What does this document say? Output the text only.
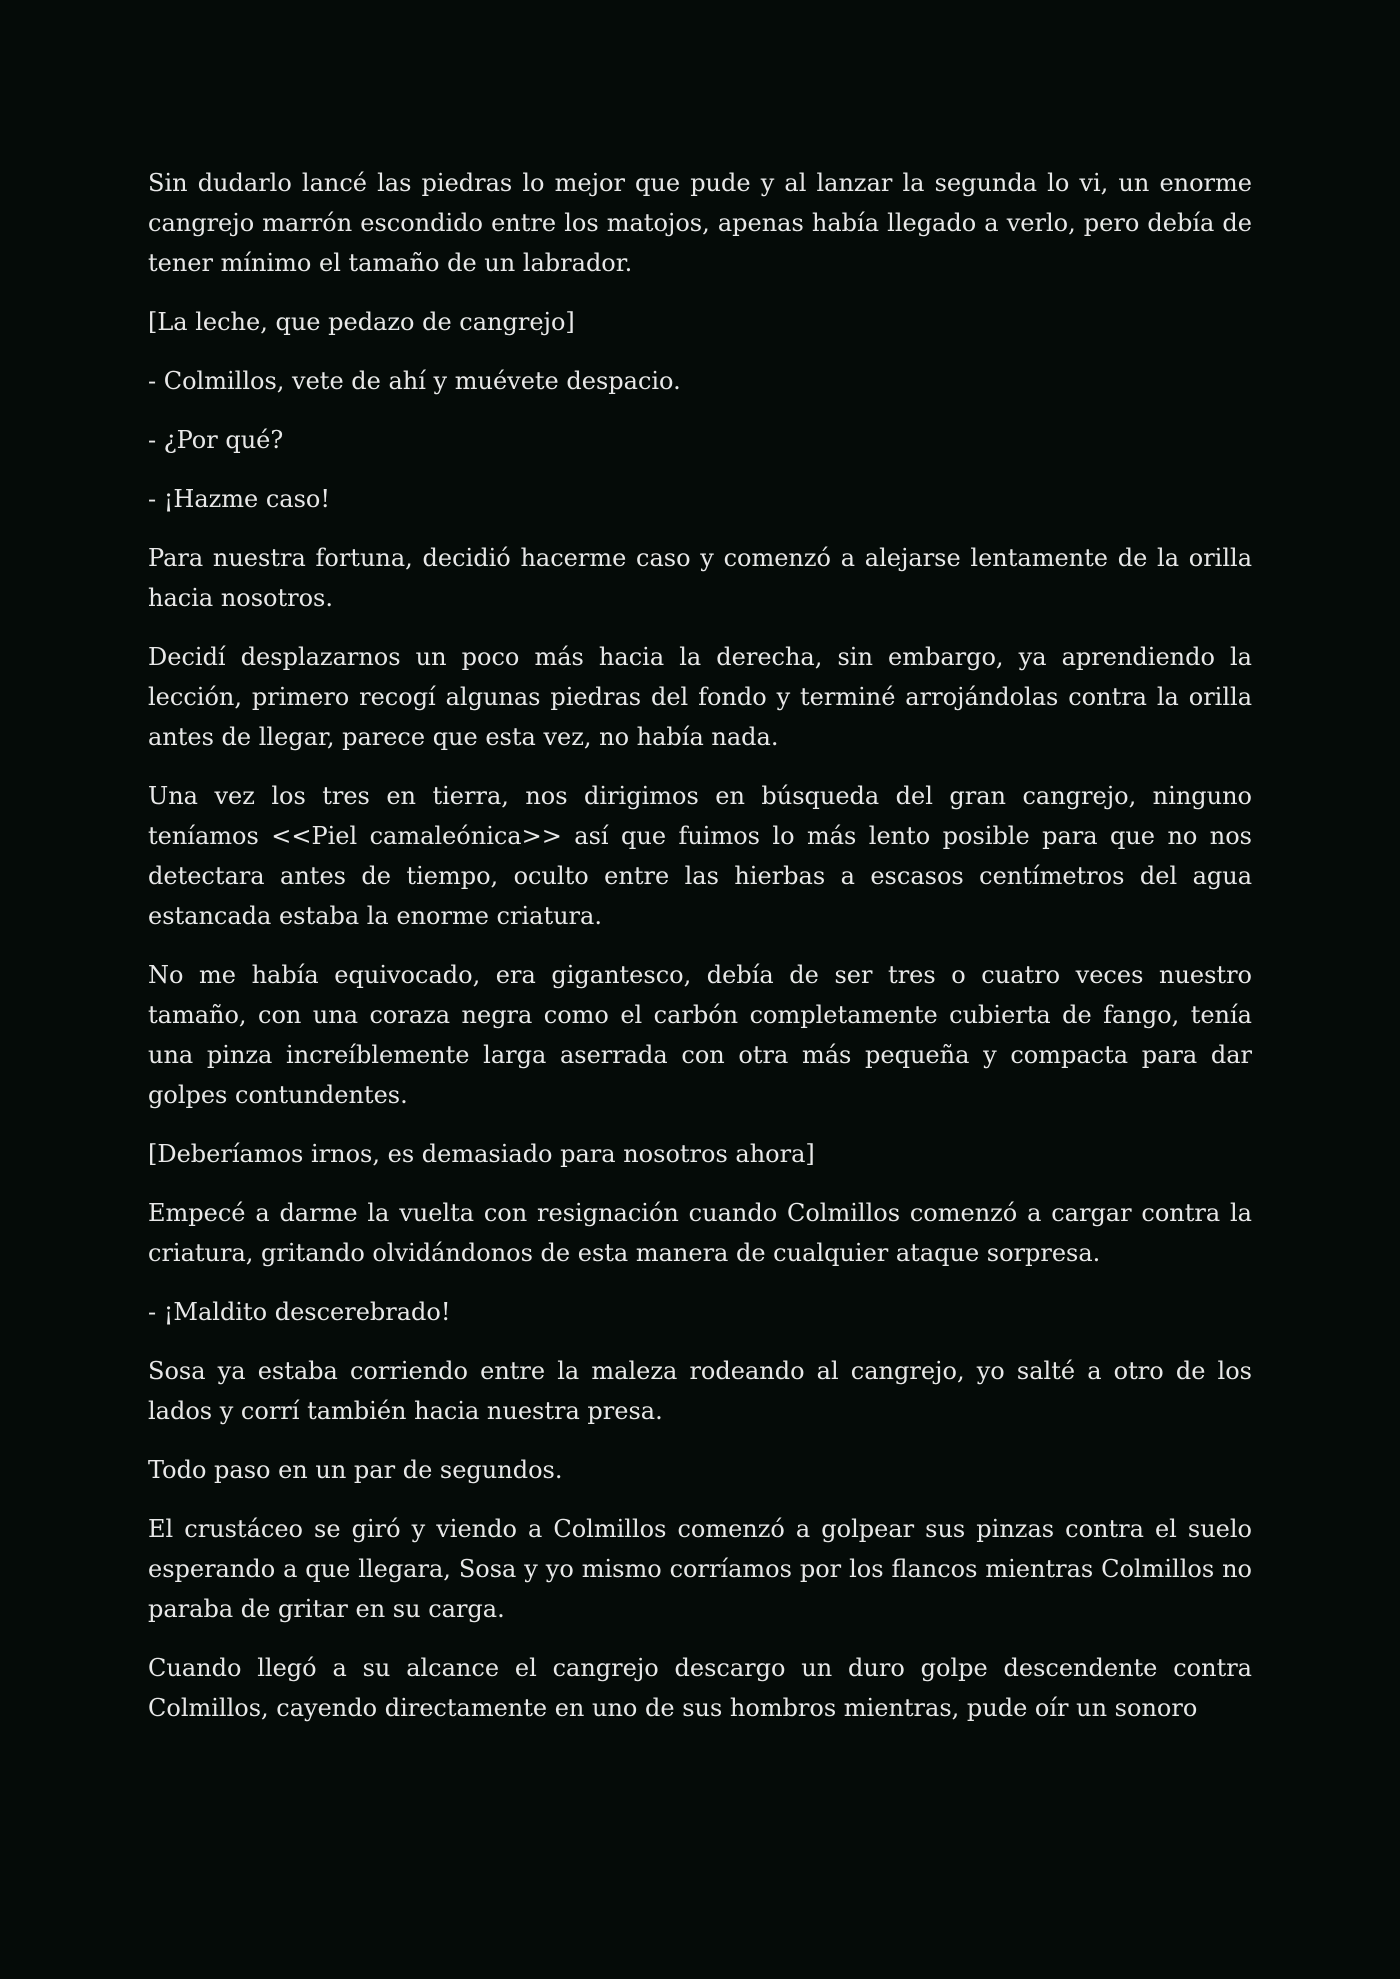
Sin dudarlo lancé las piedras lo mejor que pude y al lanzar la segunda lo vi, un enorme cangrejo marrón escondido entre los matojos, apenas había llegado a verlo, pero debía de tener mínimo el tamaño de un labrador.

[La leche, que pedazo de cangrejo]

- Colmillos, vete de ahí y muévete despacio.

- ¿Por qué?

- ¡Hazme caso!

Para nuestra fortuna, decidió hacerme caso y comenzó a alejarse lentamente de la orilla hacia nosotros.

Decidí desplazarnos un poco más hacia la derecha, sin embargo, ya aprendiendo la lección, primero recogí algunas piedras del fondo y terminé arrojándolas contra la orilla antes de llegar, parece que esta vez, no había nada.

Una vez los tres en tierra, nos dirigimos en búsqueda del gran cangrejo, ninguno teníamos <<Piel camaleónica>> así que fuimos lo más lento posible para que no nos detectara antes de tiempo, oculto entre las hierbas a escasos centímetros del agua estancada estaba la enorme criatura.

No me había equivocado, era gigantesco, debía de ser tres o cuatro veces nuestro tamaño, con una coraza negra como el carbón completamente cubierta de fango, tenía una pinza increíblemente larga aserrada con otra más pequeña y compacta para dar golpes contundentes.

[Deberíamos irnos, es demasiado para nosotros ahora]

Empecé a darme la vuelta con resignación cuando Colmillos comenzó a cargar contra la criatura, gritando olvidándonos de esta manera de cualquier ataque sorpresa.

- ¡Maldito descerebrado!

Sosa ya estaba corriendo entre la maleza rodeando al cangrejo, yo salté a otro de los lados y corrí también hacia nuestra presa.

Todo paso en un par de segundos.

El crustáceo se giró y viendo a Colmillos comenzó a golpear sus pinzas contra el suelo esperando a que llegara, Sosa y yo mismo corríamos por los flancos mientras Colmillos no paraba de gritar en su carga.

Cuando llegó a su alcance el cangrejo descargo un duro golpe descendente contra Colmillos, cayendo directamente en uno de sus hombros mientras, pude oír un sonoro
